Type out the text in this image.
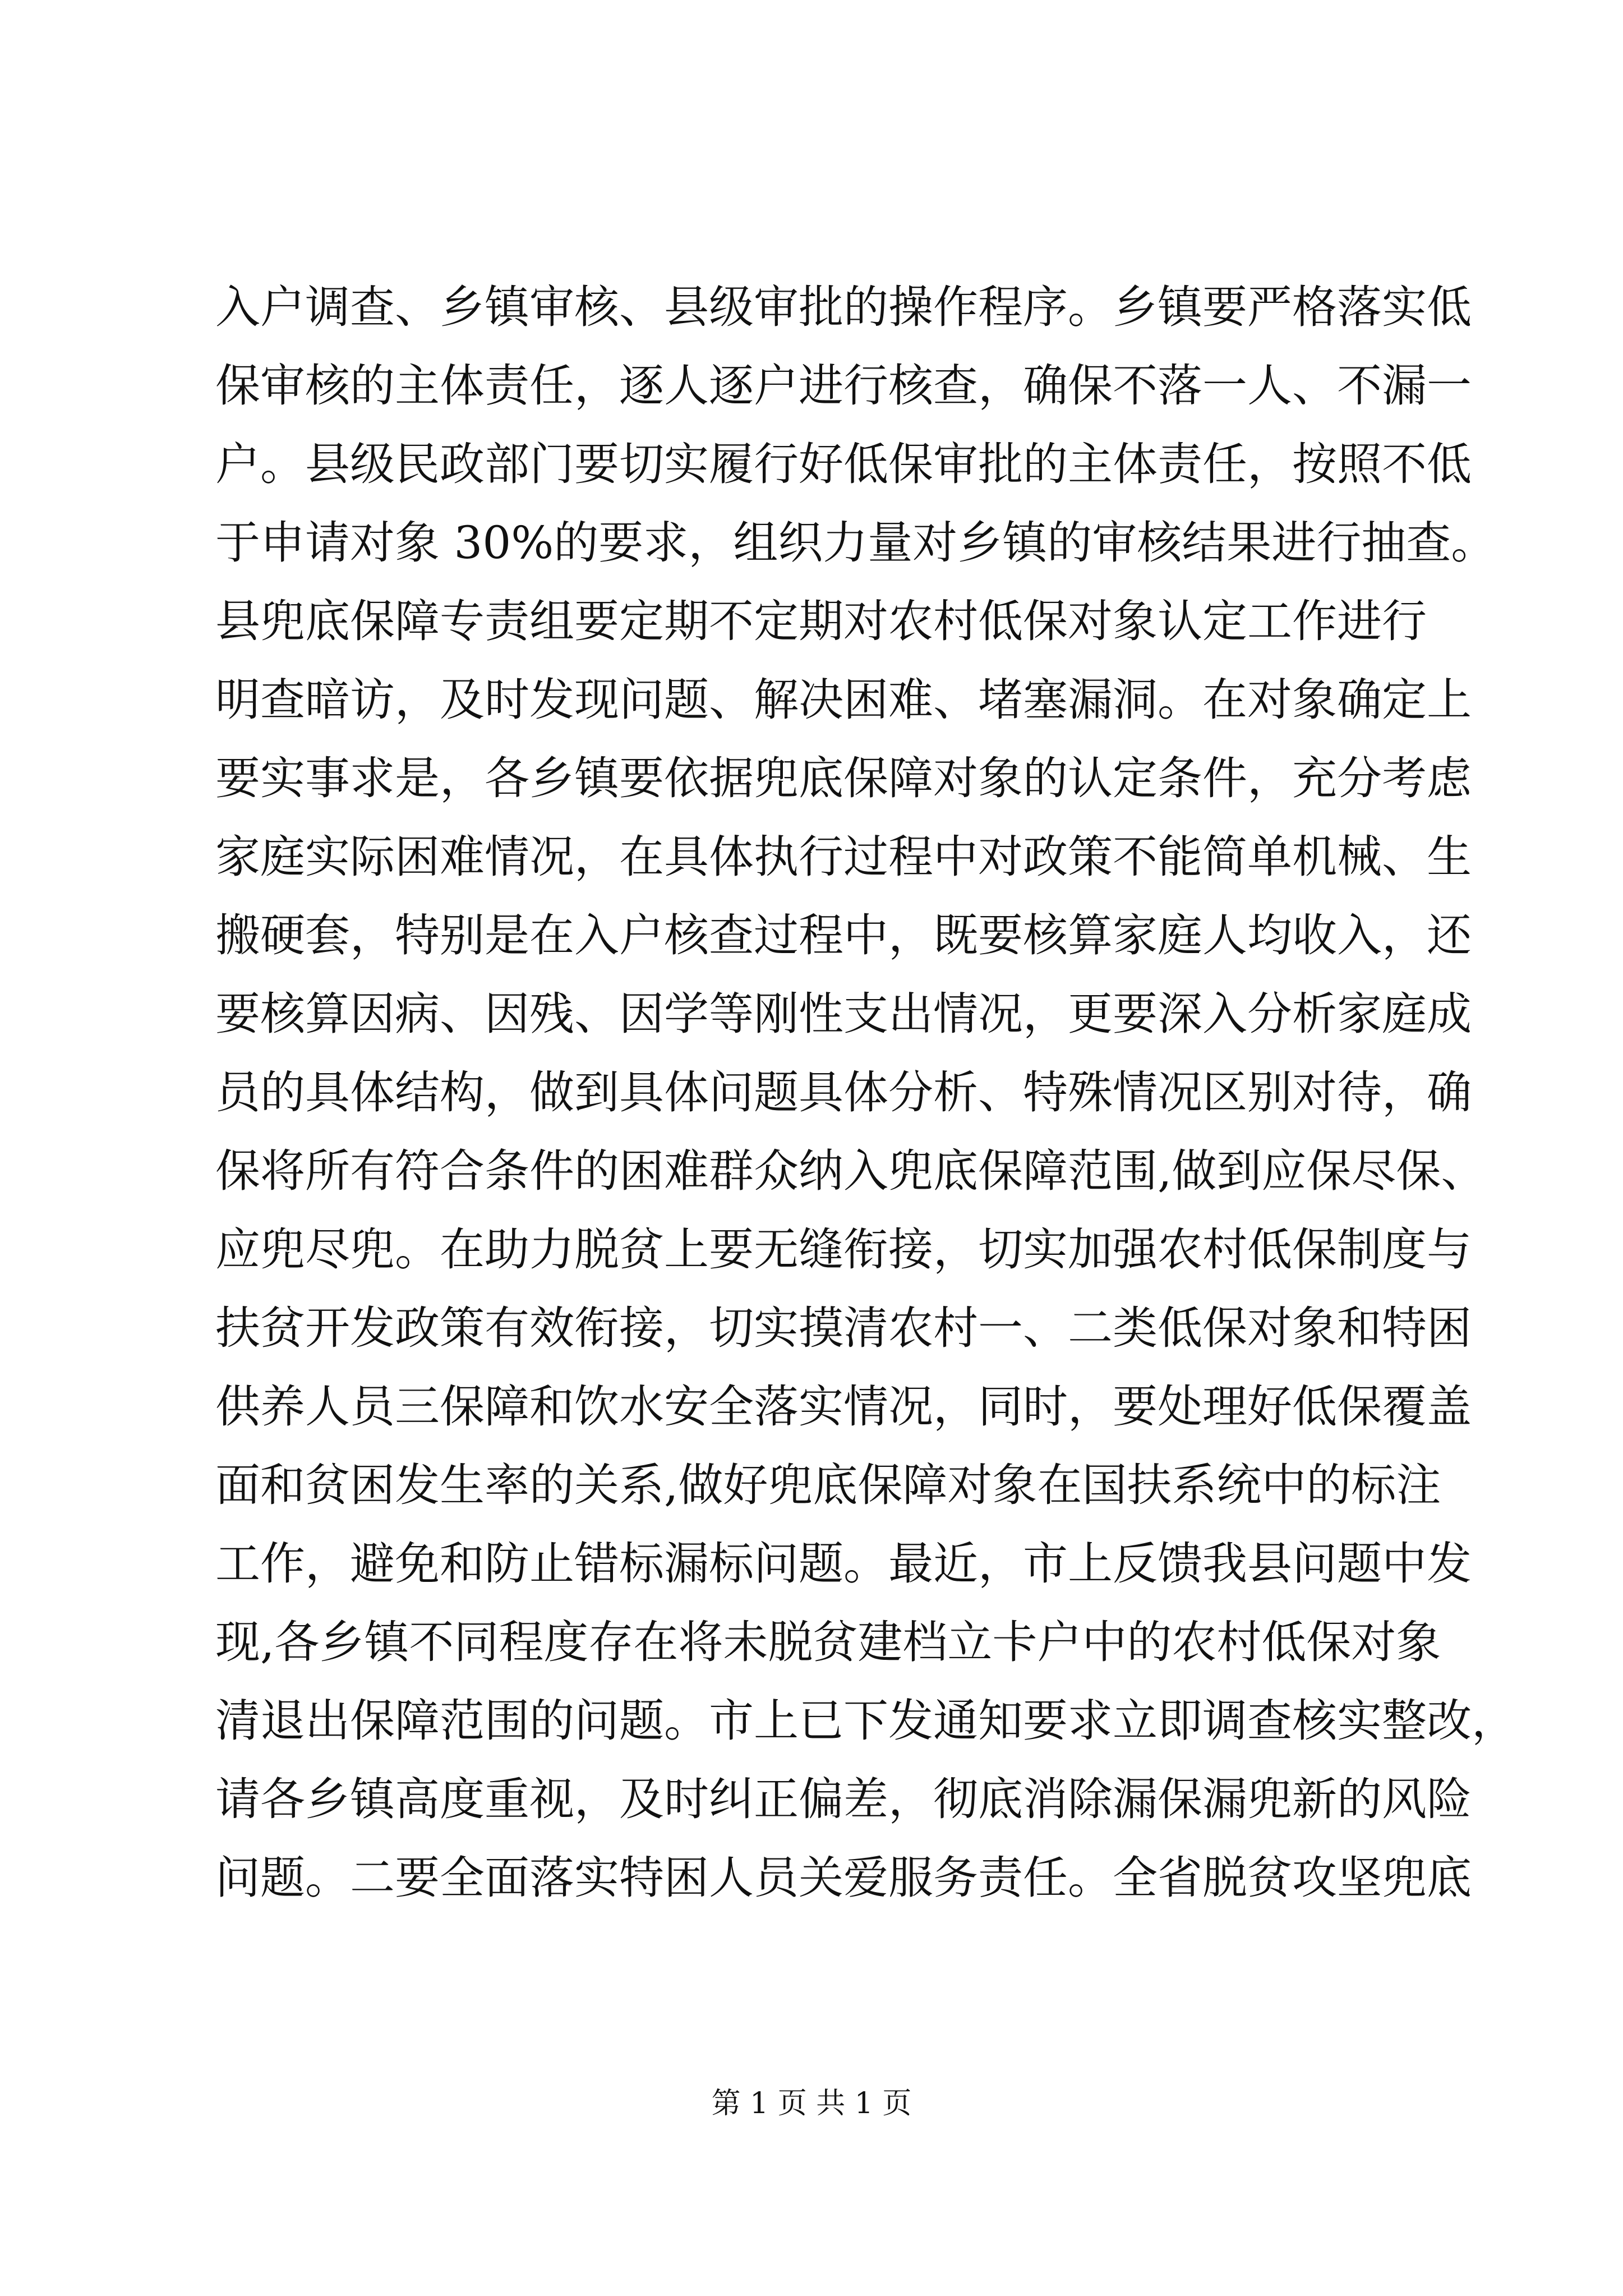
入户调查、乡镇审核、县级审批的操作程序。乡镇要严格落实低
保审核的主体责任，逐人逐户进行核查，确保不落一人、不漏一
户。县级民政部门要切实履行好低保审批的主体责任，按照不低
于申请对象 30%的要求，组织力量对乡镇的审核结果进行抽查。
县兜底保障专责组要定期不定期对农村低保对象认定工作进行
明查暗访，及时发现问题、解决困难、堵塞漏洞。在对象确定上
要实事求是，各乡镇要依据兜底保障对象的认定条件，充分考虑
家庭实际困难情况，在具体执行过程中对政策不能简单机械、生
搬硬套，特别是在入户核查过程中，既要核算家庭人均收入，还
要核算因病、因残、因学等刚性支出情况，更要深入分析家庭成
员的具体结构，做到具体问题具体分析、特殊情况区别对待，确
保将所有符合条件的困难群众纳入兜底保障范围,做到应保尽保、
应兜尽兜。在助力脱贫上要无缝衔接，切实加强农村低保制度与
扶贫开发政策有效衔接，切实摸清农村一、二类低保对象和特困
供养人员三保障和饮水安全落实情况，同时，要处理好低保覆盖
面和贫困发生率的关系,做好兜底保障对象在国扶系统中的标注
工作，避免和防止错标漏标问题。最近，市上反馈我县问题中发
现,各乡镇不同程度存在将未脱贫建档立卡户中的农村低保对象
清退出保障范围的问题。市上已下发通知要求立即调查核实整改，
请各乡镇高度重视，及时纠正偏差，彻底消除漏保漏兜新的风险
问题。二要全面落实特困人员关爱服务责任。全省脱贫攻坚兜底
第 1 页 共 1 页
